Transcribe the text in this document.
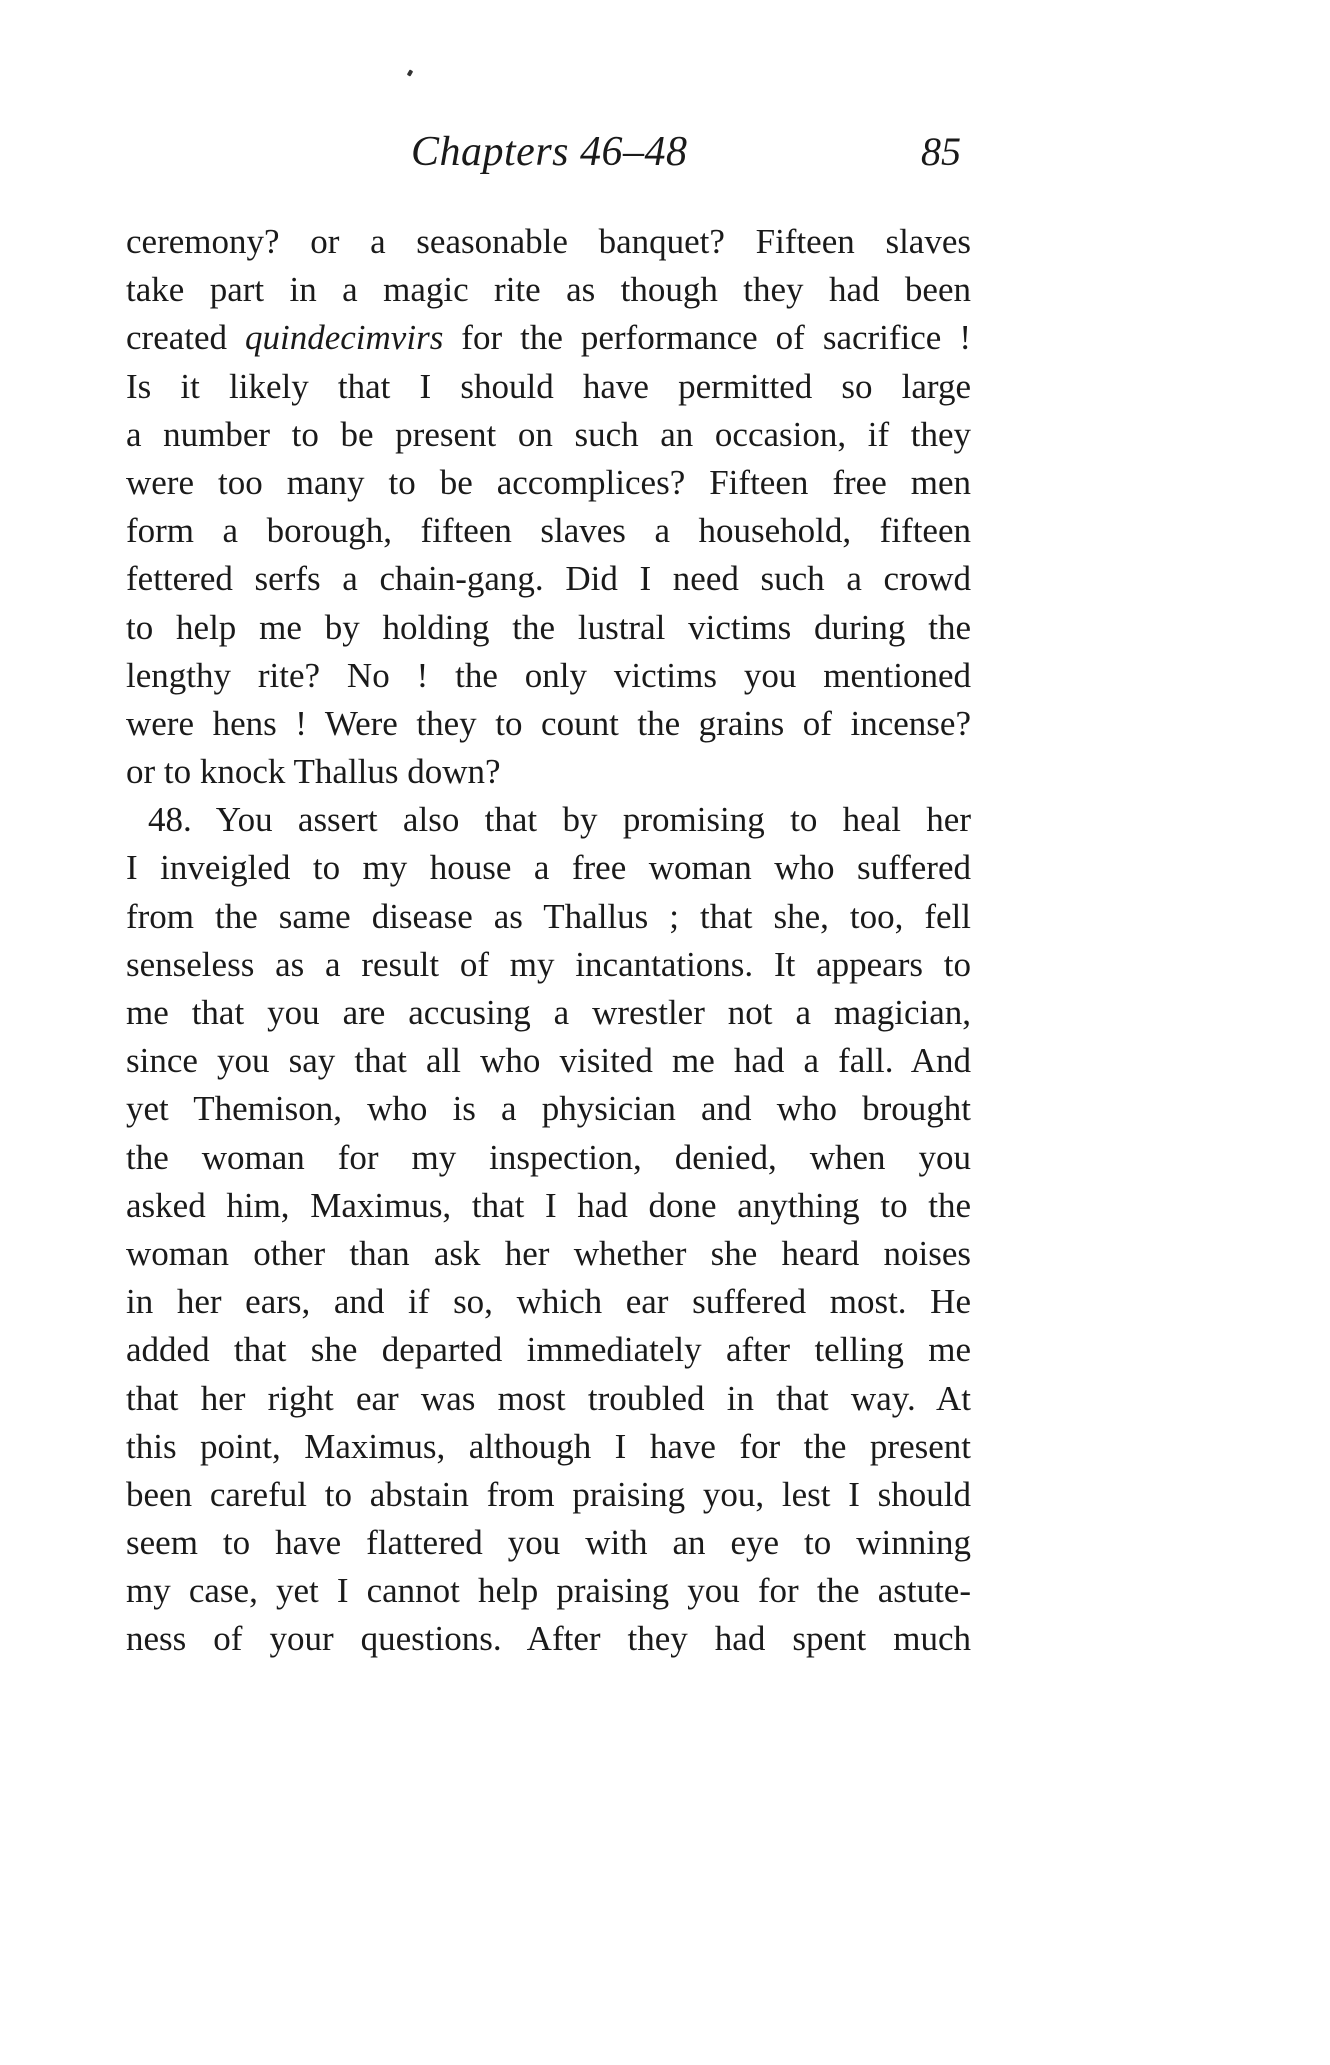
Chapters 46–48	85
ceremony? or a seasonable banquet? Fifteen slaves
take part in a magic rite as though they had been
created quindecimvirs for the performance of sacrifice !
Is it likely that I should have permitted so large
a number to be present on such an occasion, if they
were too many to be accomplices? Fifteen free men
form a borough, fifteen slaves a household, fifteen
fettered serfs a chain-gang. Did I need such a crowd
to help me by holding the lustral victims during the
lengthy rite? No ! the only victims you mentioned
were hens ! Were they to count the grains of incense?
or to knock Thallus down?
48. You assert also that by promising to heal her
I inveigled to my house a free woman who suffered
from the same disease as Thallus ; that she, too, fell
senseless as a result of my incantations. It appears to
me that you are accusing a wrestler not a magician,
since you say that all who visited me had a fall. And
yet Themison, who is a physician and who brought
the woman for my inspection, denied, when you
asked him, Maximus, that I had done anything to the
woman other than ask her whether she heard noises
in her ears, and if so, which ear suffered most. He
added that she departed immediately after telling me
that her right ear was most troubled in that way. At
this point, Maximus, although I have for the present
been careful to abstain from praising you, lest I should
seem to have flattered you with an eye to winning
my case, yet I cannot help praising you for the astute-
ness of your questions. After they had spent much
